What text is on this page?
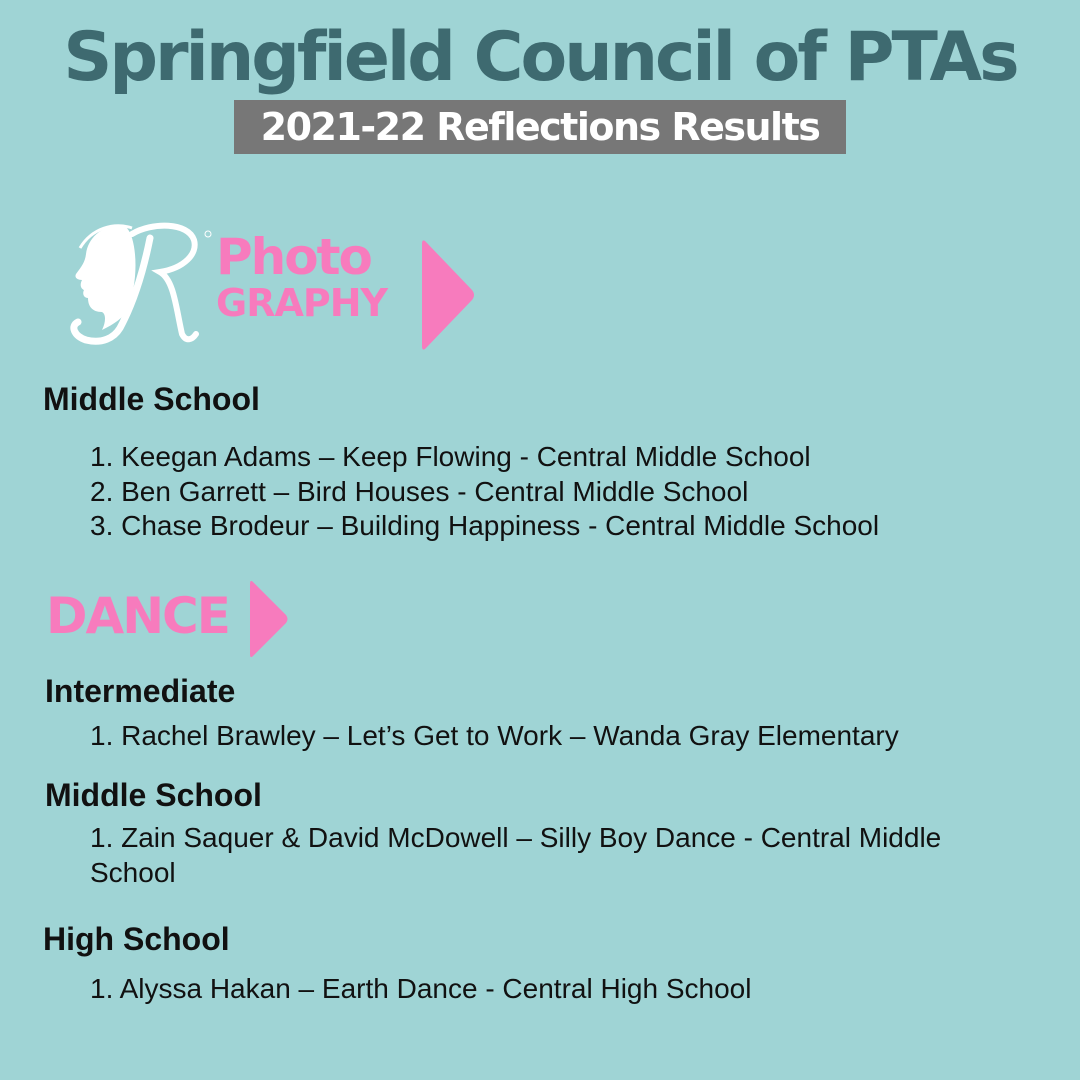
Springfield Council of PTAs
2021-22 Reflections Results
Photo
GRAPHY
Middle School
1. Keegan Adams – Keep Flowing - Central Middle School
2. Ben Garrett – Bird Houses - Central Middle School
3. Chase Brodeur – Building Happiness - Central Middle School
DANCE
Intermediate
1. Rachel Brawley – Let’s Get to Work – Wanda Gray Elementary
Middle School
1. Zain Saquer & David McDowell – Silly Boy Dance - Central Middle School
High School
1. Alyssa Hakan – Earth Dance - Central High School
